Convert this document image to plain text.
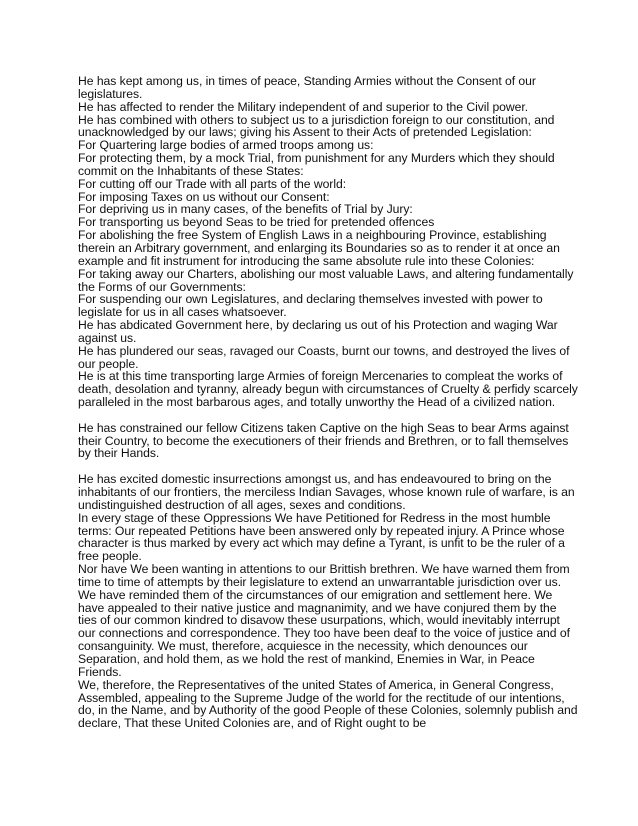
He has kept among us, in times of peace, Standing Armies without the Consent of our legislatures.

He has affected to render the Military independent of and superior to the Civil power.

He has combined with others to subject us to a jurisdiction foreign to our constitution, and unacknowledged by our laws; giving his Assent to their Acts of pretended Legislation:

For Quartering large bodies of armed troops among us:

For protecting them, by a mock Trial, from punishment for any Murders which they should commit on the Inhabitants of these States:

For cutting off our Trade with all parts of the world:

For imposing Taxes on us without our Consent:

For depriving us in many cases, of the benefits of Trial by Jury:

For transporting us beyond Seas to be tried for pretended offences

For abolishing the free System of English Laws in a neighbouring Province, establishing therein an Arbitrary government, and enlarging its Boundaries so as to render it at once an example and fit instrument for introducing the same absolute rule into these Colonies:

For taking away our Charters, abolishing our most valuable Laws, and altering fundamentally the Forms of our Governments:

For suspending our own Legislatures, and declaring themselves invested with power to legislate for us in all cases whatsoever.

He has abdicated Government here, by declaring us out of his Protection and waging War against us.

He has plundered our seas, ravaged our Coasts, burnt our towns, and destroyed the lives of our people.

He is at this time transporting large Armies of foreign Mercenaries to compleat the works of death, desolation and tyranny, already begun with circumstances of Cruelty & perfidy scarcely paralleled in the most barbarous ages, and totally unworthy the Head of a civilized nation.

He has constrained our fellow Citizens taken Captive on the high Seas to bear Arms against their Country, to become the executioners of their friends and Brethren, or to fall themselves by their Hands.

He has excited domestic insurrections amongst us, and has endeavoured to bring on the inhabitants of our frontiers, the merciless Indian Savages, whose known rule of warfare, is an undistinguished destruction of all ages, sexes and conditions.

In every stage of these Oppressions We have Petitioned for Redress in the most humble terms: Our repeated Petitions have been answered only by repeated injury. A Prince whose character is thus marked by every act which may define a Tyrant, is unfit to be the ruler of a free people.

Nor have We been wanting in attentions to our Brittish brethren. We have warned them from time to time of attempts by their legislature to extend an unwarrantable jurisdiction over us. We have reminded them of the circumstances of our emigration and settlement here. We have appealed to their native justice and magnanimity, and we have conjured them by the ties of our common kindred to disavow these usurpations, which, would inevitably interrupt our connections and correspondence. They too have been deaf to the voice of justice and of consanguinity. We must, therefore, acquiesce in the necessity, which denounces our Separation, and hold them, as we hold the rest of mankind, Enemies in War, in Peace Friends.

We, therefore, the Representatives of the united States of America, in General Congress, Assembled, appealing to the Supreme Judge of the world for the rectitude of our intentions, do, in the Name, and by Authority of the good People of these Colonies, solemnly publish and declare, That these United Colonies are, and of Right ought to be
